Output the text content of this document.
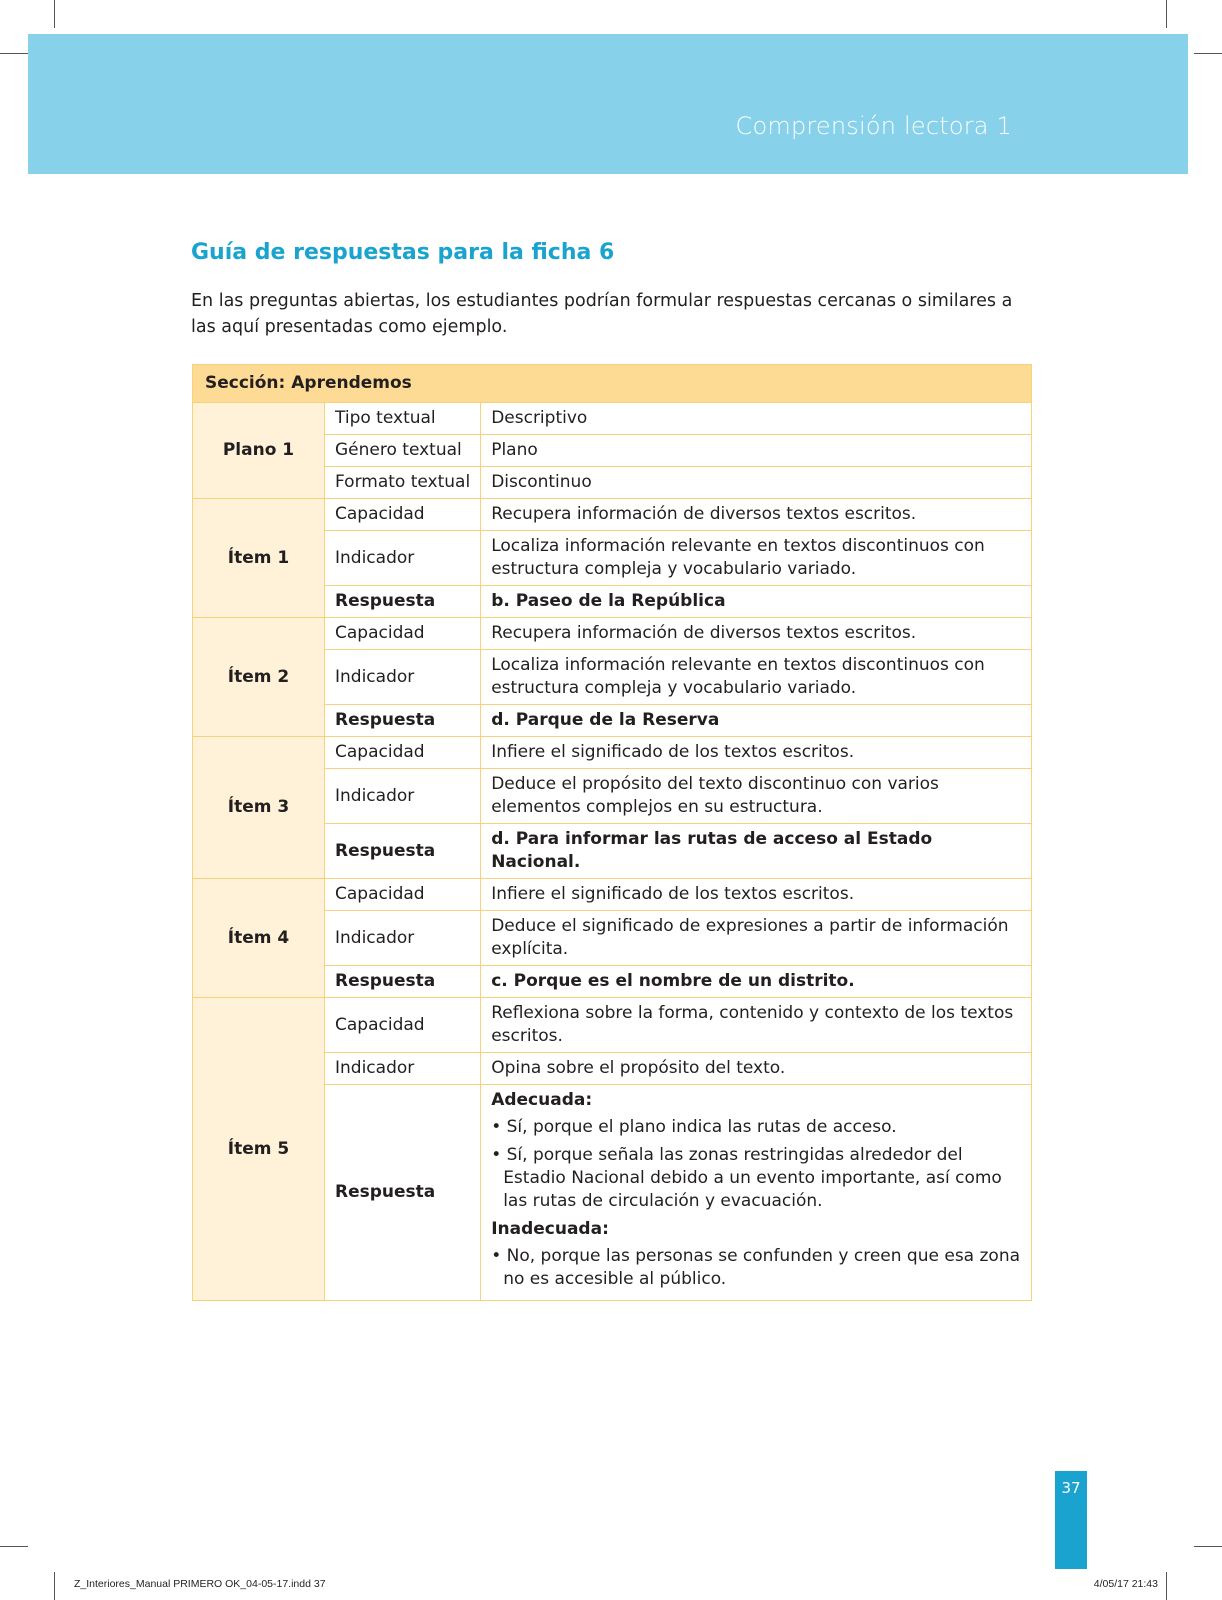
Comprensión lectora 1
Guía de respuestas para la ficha 6

En las preguntas abiertas, los estudiantes podrían formular respuestas cercanas o similares a las aquí presentadas como ejemplo.

Sección: Aprendemos		
Plano 1	Tipo textual	Descriptivo
	Género textual	Plano
	Formato textual	Discontinuo
Ítem 1	Capacidad	Recupera información de diversos textos escritos.
	Indicador	Localiza información relevante en textos discontinuos con estructura compleja y vocabulario variado.
	Respuesta	b. Paseo de la República
Ítem 2	Capacidad	Recupera información de diversos textos escritos.
	Indicador	Localiza información relevante en textos discontinuos con estructura compleja y vocabulario variado.
	Respuesta	d. Parque de la Reserva
Ítem 3	Capacidad	Infiere el significado de los textos escritos.
	Indicador	Deduce el propósito del texto discontinuo con varios elementos complejos en su estructura.
	Respuesta	d. Para informar las rutas de acceso al Estado Nacional.
Ítem 4	Capacidad	Infiere el significado de los textos escritos.
	Indicador	Deduce el significado de expresiones a partir de información explícita.
	Respuesta	c. Porque es el nombre de un distrito.
Ítem 5	Capacidad	Reflexiona sobre la forma, contenido y contexto de los textos escritos.
	Indicador	Opina sobre el propósito del texto.
	Respuesta	Adecuada:
• Sí, porque el plano indica las rutas de acceso.
• Sí, porque señala las zonas restringidas alrededor del Estadio Nacional debido a un evento importante, así como las rutas de circulación y evacuación.
Inadecuada:
• No, porque las personas se confunden y creen que esa zona no es accesible al público.
37
Z_Interiores_Manual PRIMERO OK_04-05-17.indd 37	4/05/17 21:43
